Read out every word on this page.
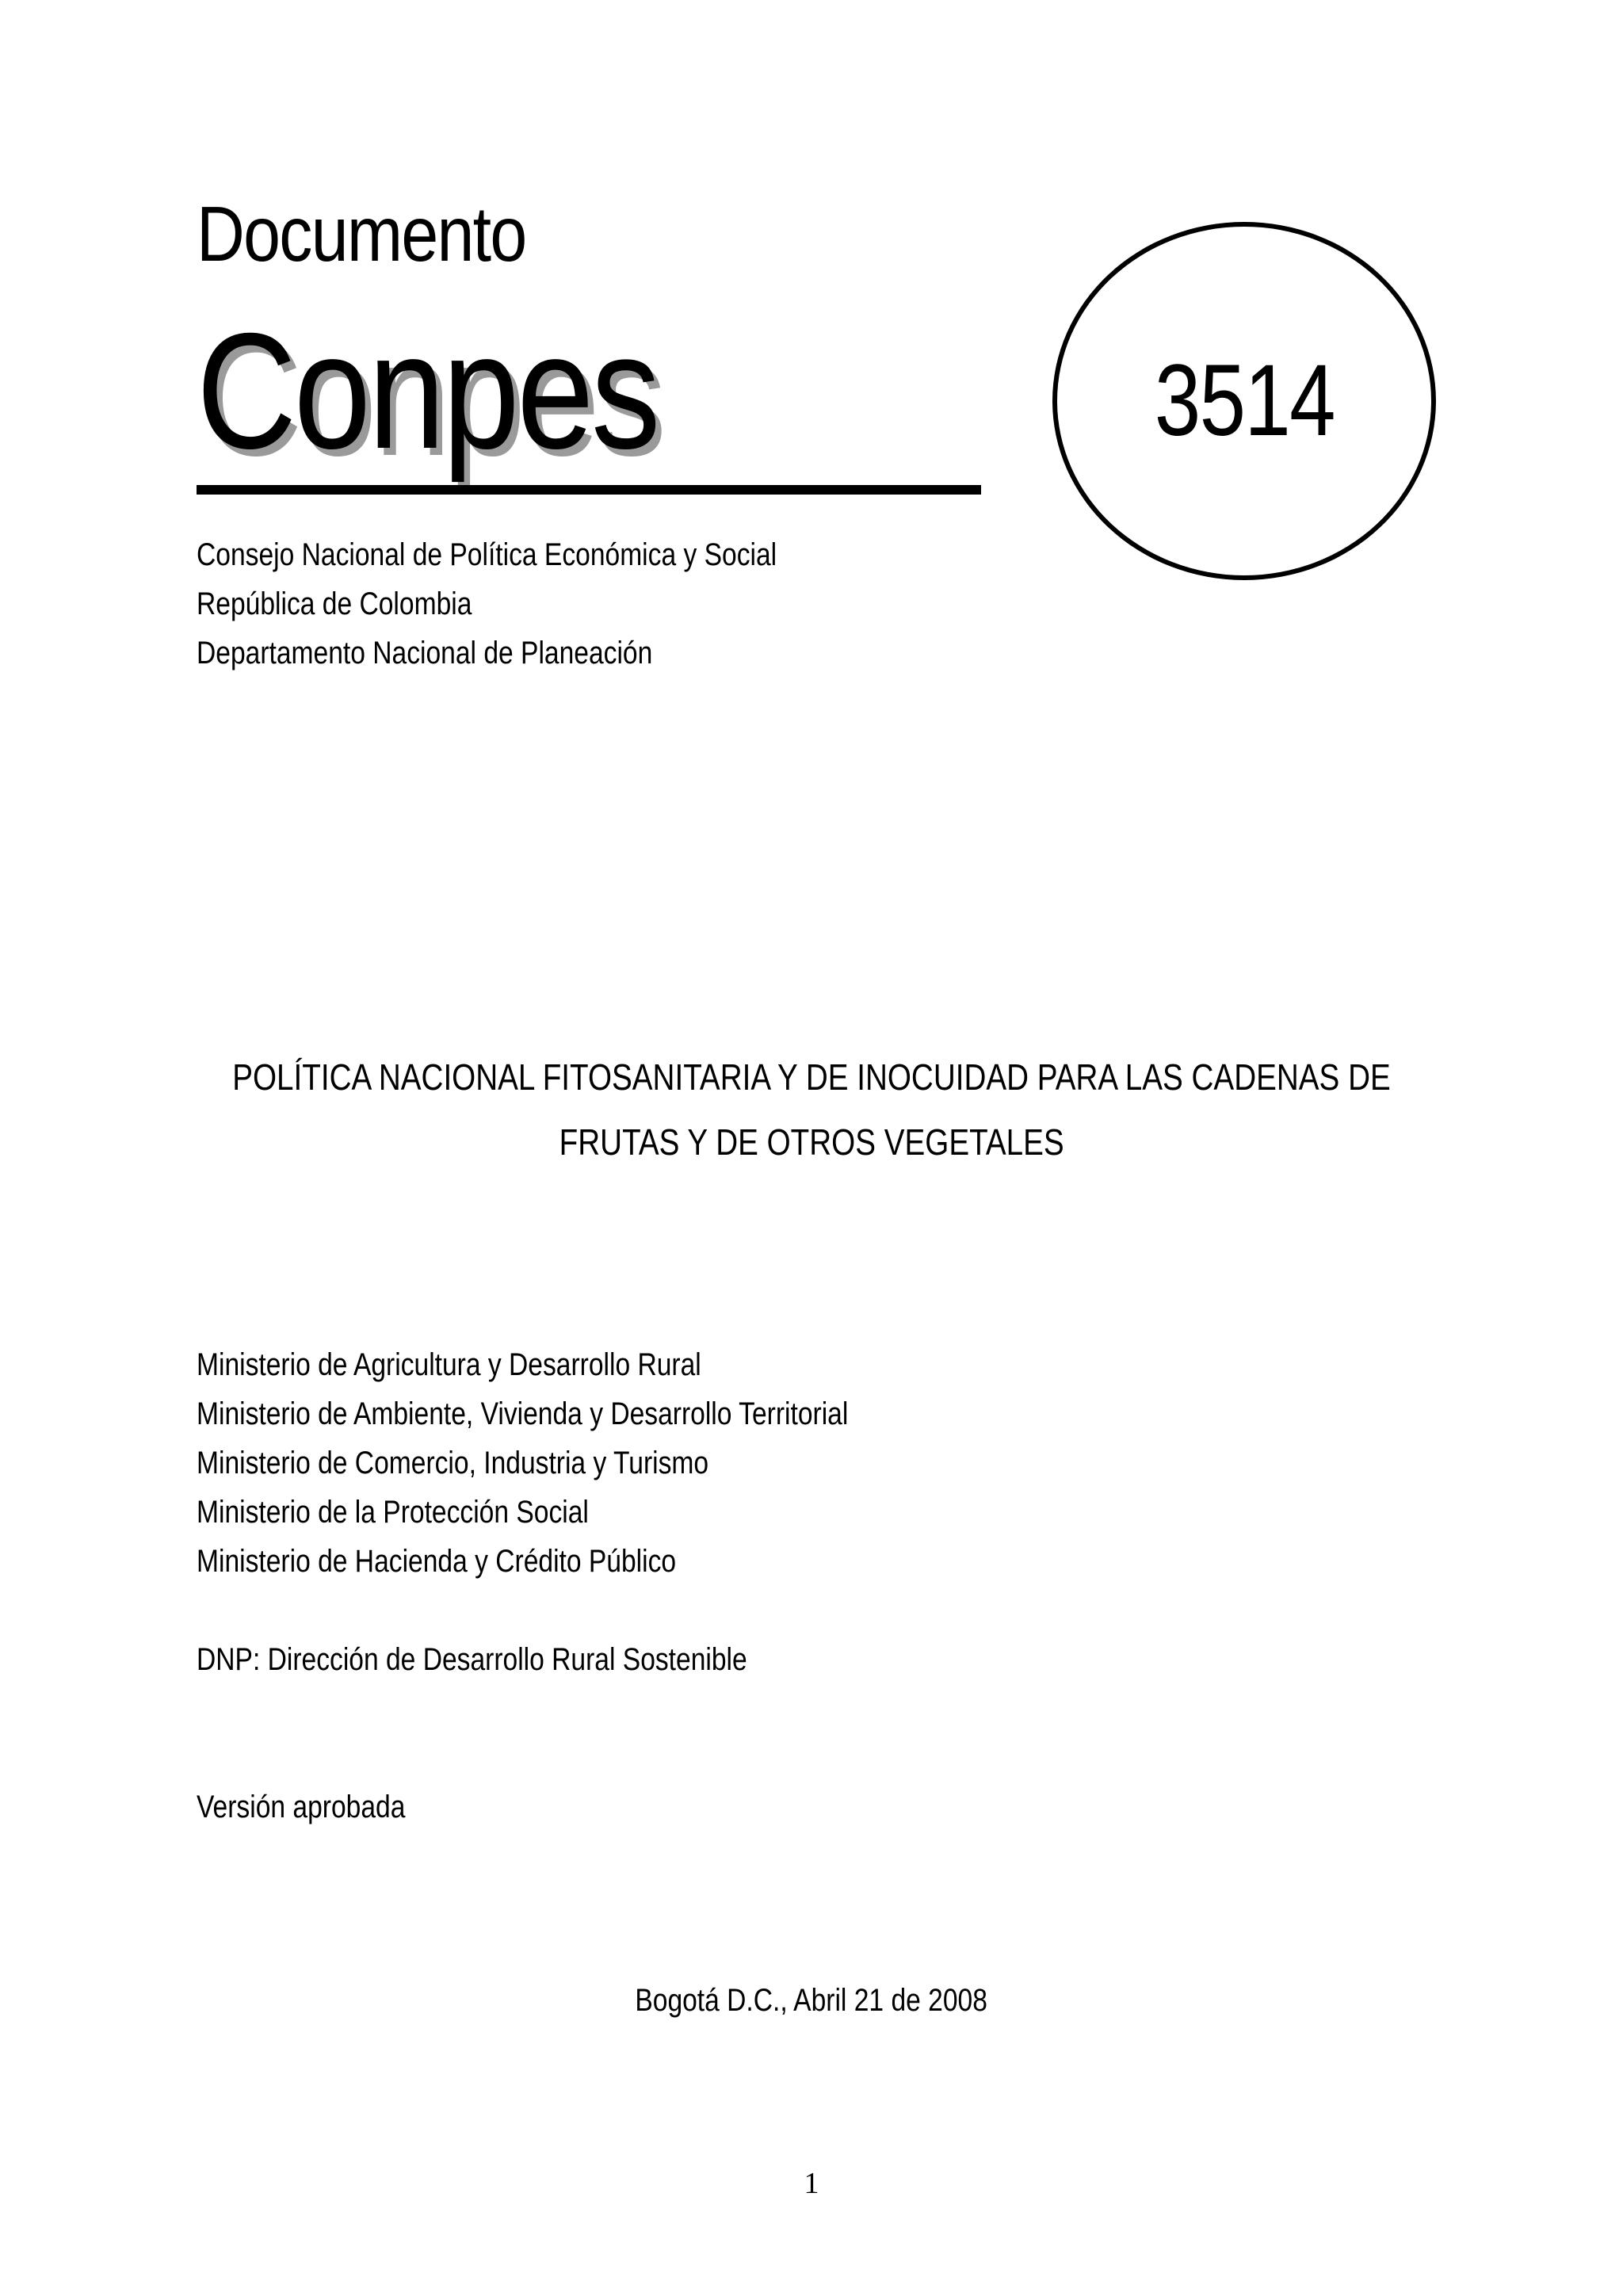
Documento
Conpes	3514
Consejo Nacional de Política Económica y Social
República de Colombia
Departamento Nacional de Planeación
POLÍTICA NACIONAL FITOSANITARIA Y DE INOCUIDAD PARA LAS CADENAS DE
FRUTAS Y DE OTROS VEGETALES
Ministerio de Agricultura y Desarrollo Rural
Ministerio de Ambiente, Vivienda y Desarrollo Territorial
Ministerio de Comercio, Industria y Turismo
Ministerio de la Protección Social
Ministerio de Hacienda y Crédito Público
DNP: Dirección de Desarrollo Rural Sostenible
Versión aprobada
Bogotá D.C., Abril 21 de 2008
1
